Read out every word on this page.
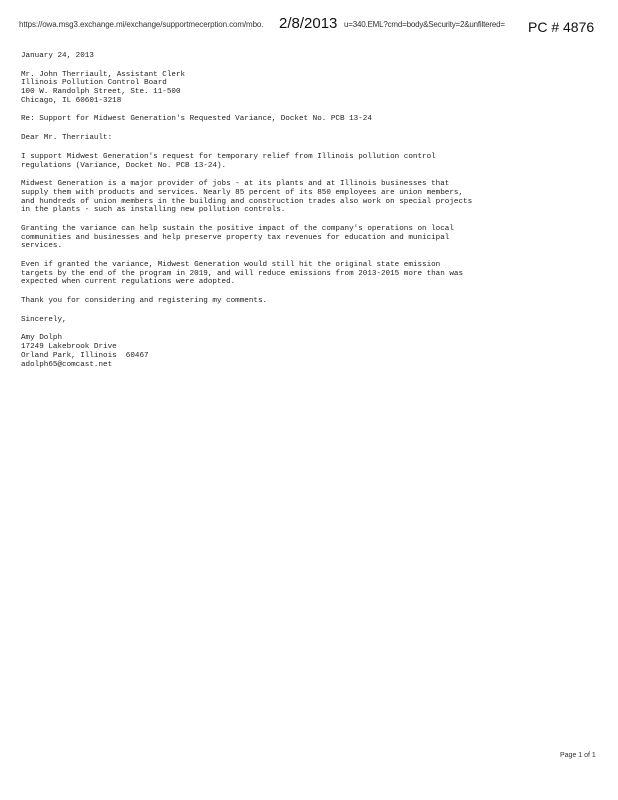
https://owa.msg3.exchange.mi/exchange/supportmecerption.com/mbo. 2/8/2013 u=340.EML?cmd=body&Security=2&unfiltered= PC # 4876
January 24, 2013
Mr. John Therriault, Assistant Clerk
Illinois Pollution Control Board
100 W. Randolph Street, Ste. 11-500
Chicago, IL 60601-3218
Re: Support for Midwest Generation's Requested Variance, Docket No. PCB 13-24
Dear Mr. Therriault:
I support Midwest Generation's request for temporary relief from Illinois pollution control
regulations (Variance, Docket No. PCB 13-24).
Midwest Generation is a major provider of jobs - at its plants and at Illinois businesses that
supply them with products and services. Nearly 85 percent of its 850 employees are union members,
and hundreds of union members in the building and construction trades also work on special projects
in the plants - such as installing new pollution controls.
Granting the variance can help sustain the positive impact of the company's operations on local
communities and businesses and help preserve property tax revenues for education and municipal
services.
Even if granted the variance, Midwest Generation would still hit the original state emission
targets by the end of the program in 2019, and will reduce emissions from 2013-2015 more than was
expected when current regulations were adopted.
Thank you for considering and registering my comments.
Sincerely,
Amy Dolph
17249 Lakebrook Drive
Orland Park, Illinois  60467
adolph65@comcast.net
Page 1 of 1
